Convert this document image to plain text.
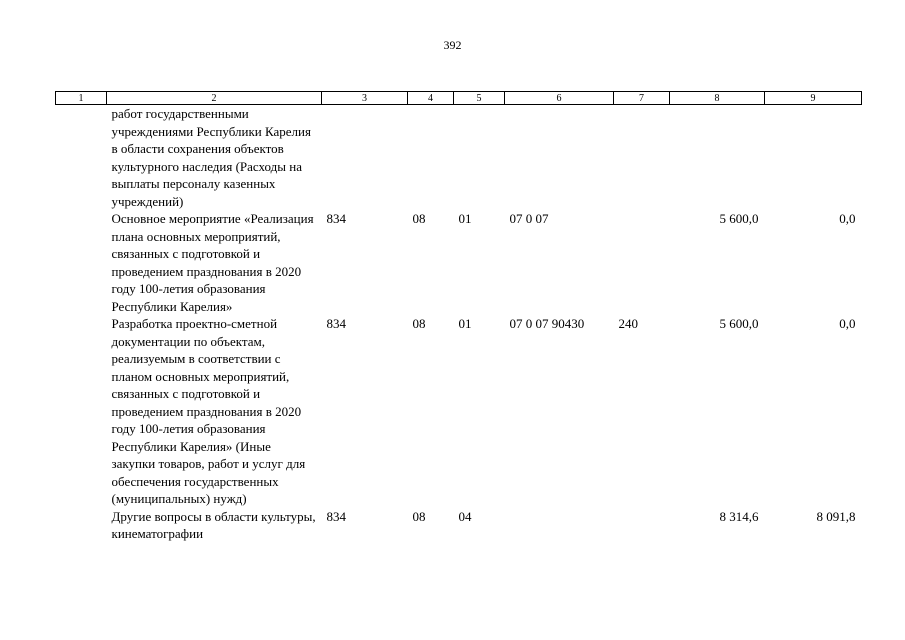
392
1	2	3	4	5	6	7	8	9
	работ государственными учреждениями Республики Карелия в области сохранения объектов культурного наследия (Расходы на выплаты персоналу казенных учреждений)							
	Основное мероприятие «Реализация плана основных мероприятий, связанных с подготовкой и проведением празднования в 2020 году 100-летия образования Республики Карелия»	834	08	01	07 0 07		5 600,0	0,0
	Разработка проектно-сметной документации по объектам, реализуемым в соответствии с планом основных мероприятий, связанных с подготовкой и проведением празднования в 2020 году 100-летия образования Республики Карелия» (Иные закупки товаров, работ и услуг для обеспечения государственных (муниципальных) нужд)	834	08	01	07 0 07 90430	240	5 600,0	0,0
	Другие вопросы в области культуры, кинематографии	834	08	04			8 314,6	8 091,8
